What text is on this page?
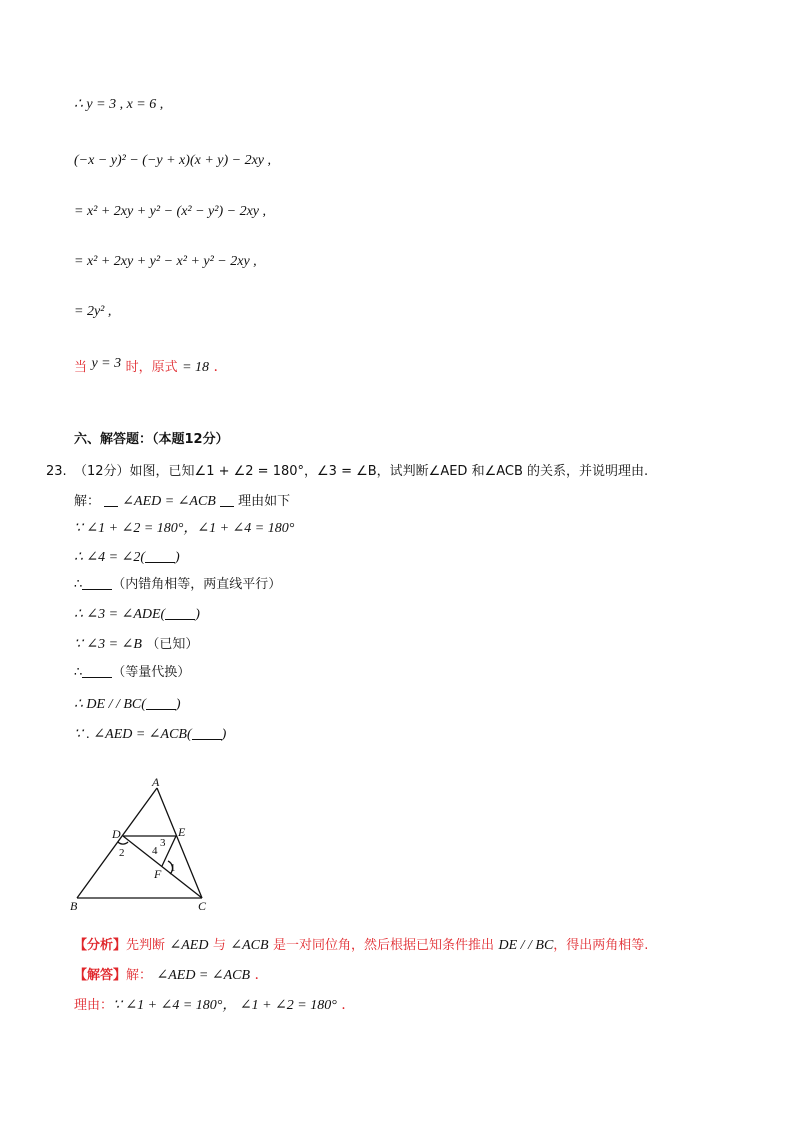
∴ y = 3 , x = 6 ,
(−x − y)² − (−y + x)(x + y) − 2xy ,
= x² + 2xy + y² − (x² − y²) − 2xy ,
= x² + 2xy + y² − x² + y² − 2xy ,
= 2y² ,
当 y = 3 时，原式 = 18 .
六、解答题：（本题12分）
23. （12分）如图，已知∠1 + ∠2 = 180°，∠3 = ∠B，试判断∠AED 和∠ACB 的关系，并说明理由.
解： ∠AED = ∠ACB 理由如下
∵ ∠1 + ∠2 = 180°，∠1 + ∠4 = 180°
∴ ∠4 = ∠2( )
∴ （内错角相等，两直线平行）
∴ ∠3 = ∠ADE( )
∵ ∠3 = ∠B （已知）
∴ （等量代换）
∴ DE / / BC( )
∵ . ∠AED = ∠ACB( )
A
B	C
D	E
F 1
2
3
4
【分析】先判断 ∠AED 与 ∠ACB 是一对同位角，然后根据已知条件推出 DE / / BC，得出两角相等.
【解答】解： ∠AED = ∠ACB .
理由：∵ ∠1 + ∠4 = 180°， ∠1 + ∠2 = 180° .
